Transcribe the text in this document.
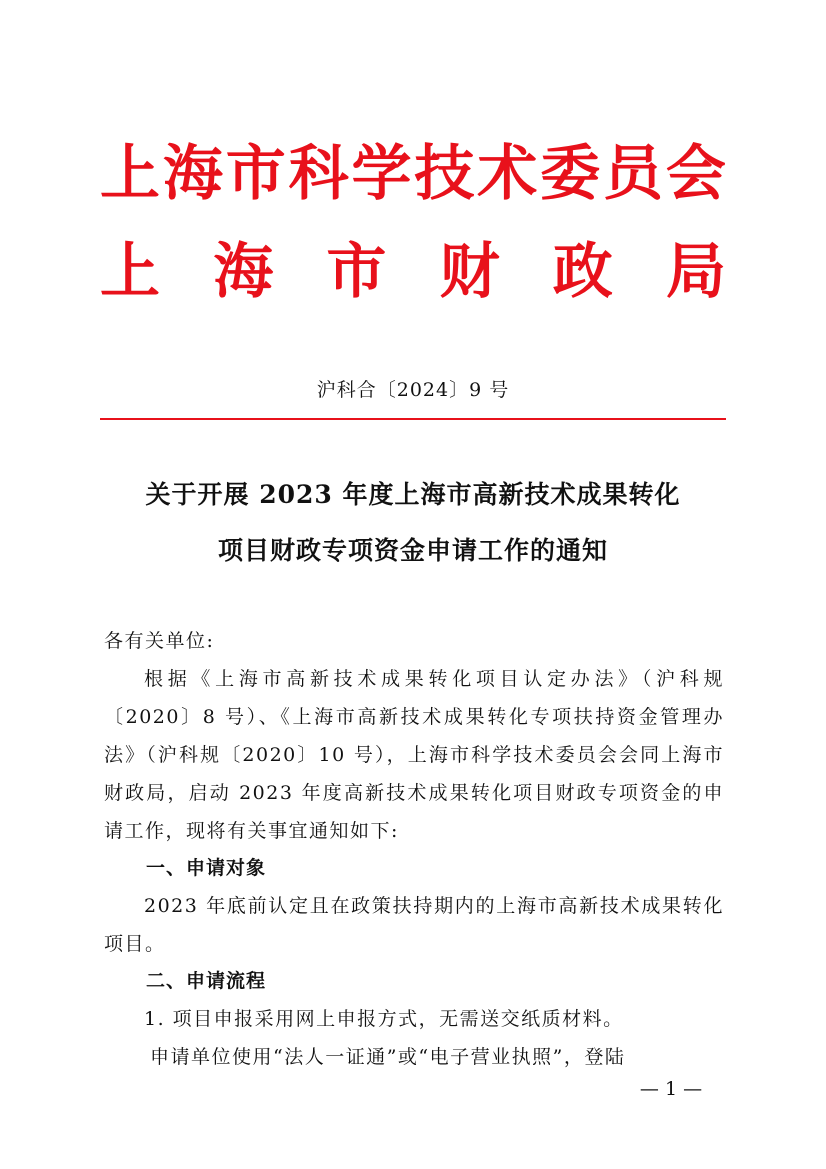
上 海 市 科 学 技 术 委 员 会
上 海 市 财 政 局
沪科合〔2024〕9 号
关于开展 2023 年度上海市高新技术成果转化
项目财政专项资金申请工作的通知
各有关单位:
根据《上海市高新技术成果转化项目认定办法》（沪科规〔2020〕8 号）、《上海市高新技术成果转化专项扶持资金管理办法》（沪科规〔2020〕10 号），上海市科学技术委员会会同上海市财政局，启动 2023 年度高新技术成果转化项目财政专项资金的申请工作，现将有关事宜通知如下:
一、申请对象
2023 年底前认定且在政策扶持期内的上海市高新技术成果转化项目。
二、申请流程
1. 项目申报采用网上申报方式，无需送交纸质材料。
申请单位使用“法人一证通”或“电子营业执照”，登陆
— 1 —
